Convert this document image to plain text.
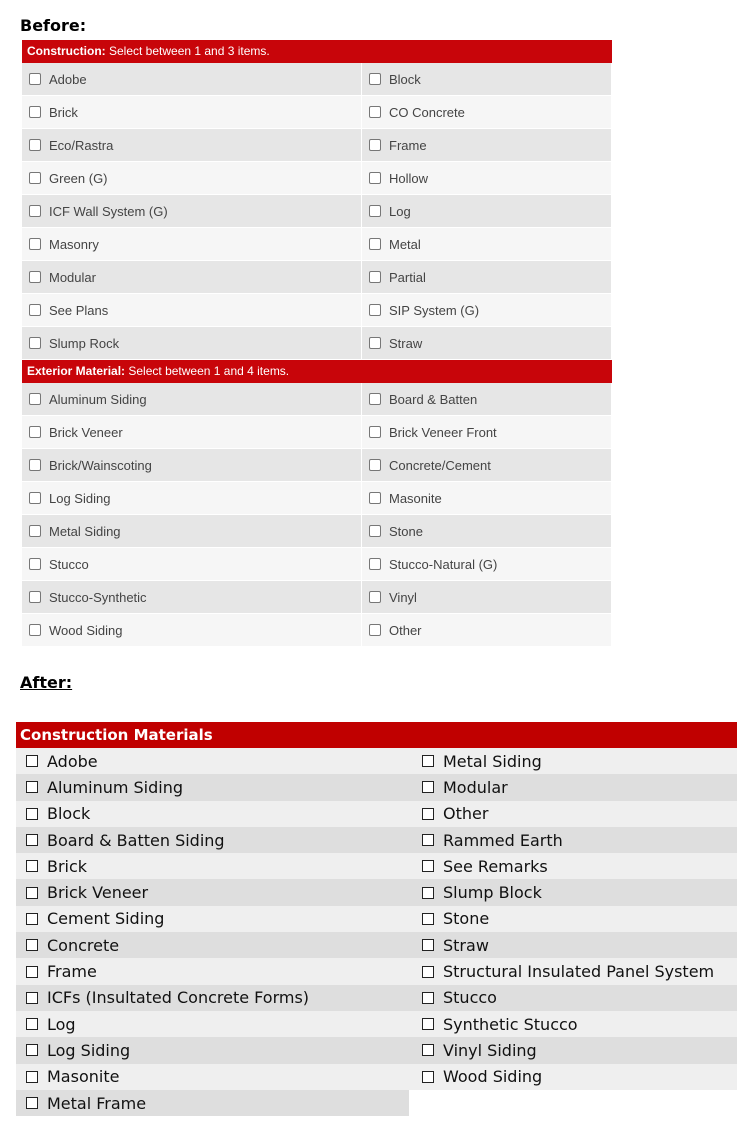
Before:
Construction: Select between 1 and 3 items.
Adobe	Block
Brick	CO Concrete
Eco/Rastra	Frame
Green (G)	Hollow
ICF Wall System (G)	Log
Masonry	Metal
Modular	Partial
See Plans	SIP System (G)
Slump Rock	Straw
Exterior Material: Select between 1 and 4 items.
Aluminum Siding	Board & Batten
Brick Veneer	Brick Veneer Front
Brick/Wainscoting	Concrete/Cement
Log Siding	Masonite
Metal Siding	Stone
Stucco	Stucco-Natural (G)
Stucco-Synthetic	Vinyl
Wood Siding	Other
After:
Construction Materials
Adobe	Metal Siding
Aluminum Siding	Modular
Block	Other
Board & Batten Siding	Rammed Earth
Brick	See Remarks
Brick Veneer	Slump Block
Cement Siding	Stone
Concrete	Straw
Frame	Structural Insulated Panel System
ICFs (Insultated Concrete Forms)	Stucco
Log	Synthetic Stucco
Log Siding	Vinyl Siding
Masonite	Wood Siding
Metal Frame
